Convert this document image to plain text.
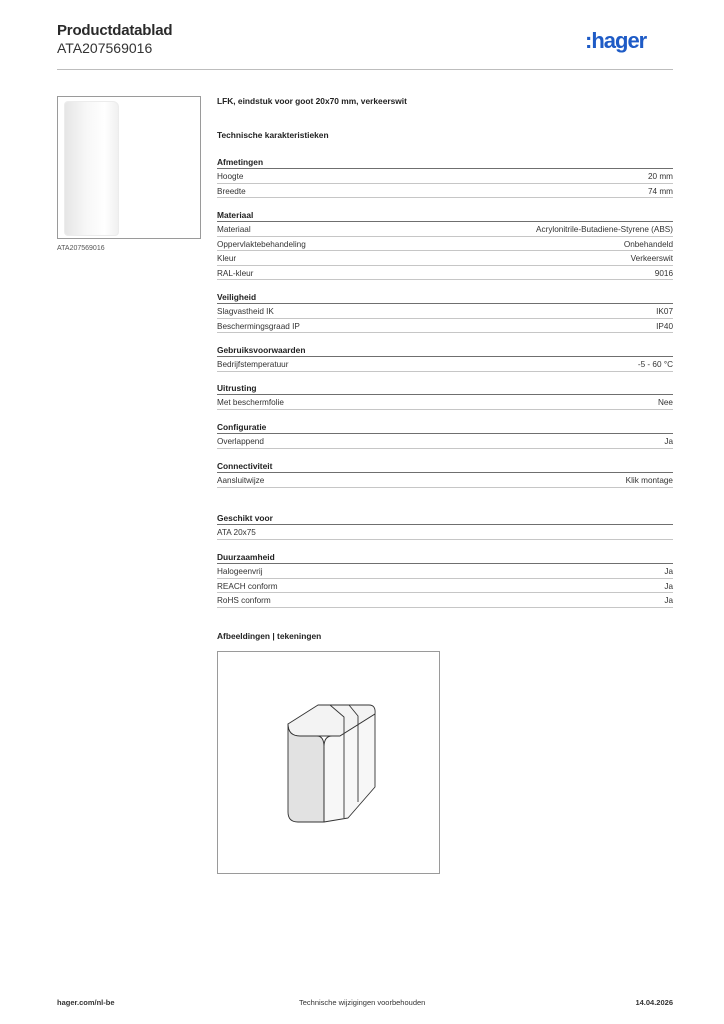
Productdatablad
ATA207569016	:hager
ATA207569016
LFK, eindstuk voor goot 20x70 mm, verkeerswit
Technische karakteristieken
Afmetingen
Hoogte	20 mm
Breedte	74 mm
Materiaal
Materiaal	Acrylonitrile-Butadiene-Styrene (ABS)
Oppervlaktebehandeling	Onbehandeld
Kleur	Verkeerswit
RAL-kleur	9016
Veiligheid
Slagvastheid IK	IK07
Beschermingsgraad IP	IP40
Gebruiksvoorwaarden
Bedrijfstemperatuur	-5 - 60 °C
Uitrusting
Met beschermfolie	Nee
Configuratie
Overlappend	Ja
Connectiviteit
Aansluitwijze	Klik montage
Geschikt voor
ATA 20x75
Duurzaamheid
Halogeenvrij	Ja
REACH conform	Ja
RoHS conform	Ja
Afbeeldingen | tekeningen
hager.com/nl-be	Technische wijzigingen voorbehouden	14.04.2026
